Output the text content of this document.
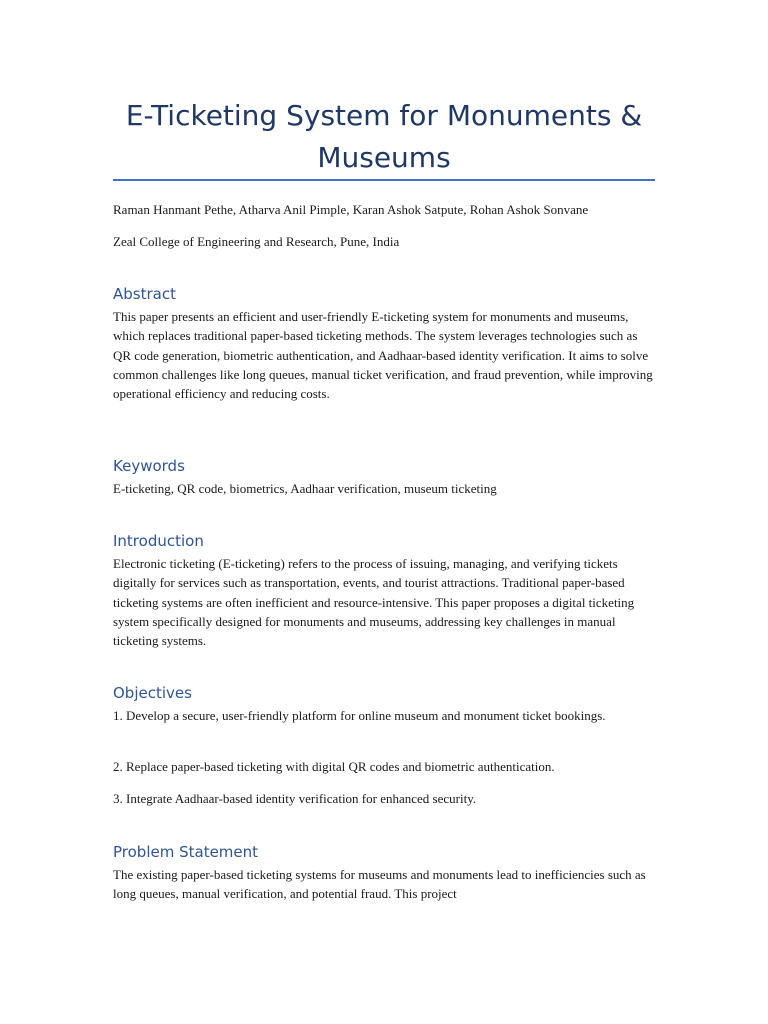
E-Ticketing System for Monuments & Museums

Raman Hanmant Pethe, Atharva Anil Pimple, Karan Ashok Satpute, Rohan Ashok Sonvane

Zeal College of Engineering and Research, Pune, India

Abstract

This paper presents an efficient and user-friendly E-ticketing system for monuments and museums, which replaces traditional paper-based ticketing methods. The system leverages technologies such as QR code generation, biometric authentication, and Aadhaar-based identity verification. It aims to solve common challenges like long queues, manual ticket verification, and fraud prevention, while improving operational efficiency and reducing costs.

Keywords

E-ticketing, QR code, biometrics, Aadhaar verification, museum ticketing

Introduction

Electronic ticketing (E-ticketing) refers to the process of issuing, managing, and verifying tickets digitally for services such as transportation, events, and tourist attractions. Traditional paper-based ticketing systems are often inefficient and resource-intensive. This paper proposes a digital ticketing system specifically designed for monuments and museums, addressing key challenges in manual ticketing systems.

Objectives

1. Develop a secure, user-friendly platform for online museum and monument ticket bookings.

2. Replace paper-based ticketing with digital QR codes and biometric authentication.

3. Integrate Aadhaar-based identity verification for enhanced security.

Problem Statement

The existing paper-based ticketing systems for museums and monuments lead to inefficiencies such as long queues, manual verification, and potential fraud. This project
